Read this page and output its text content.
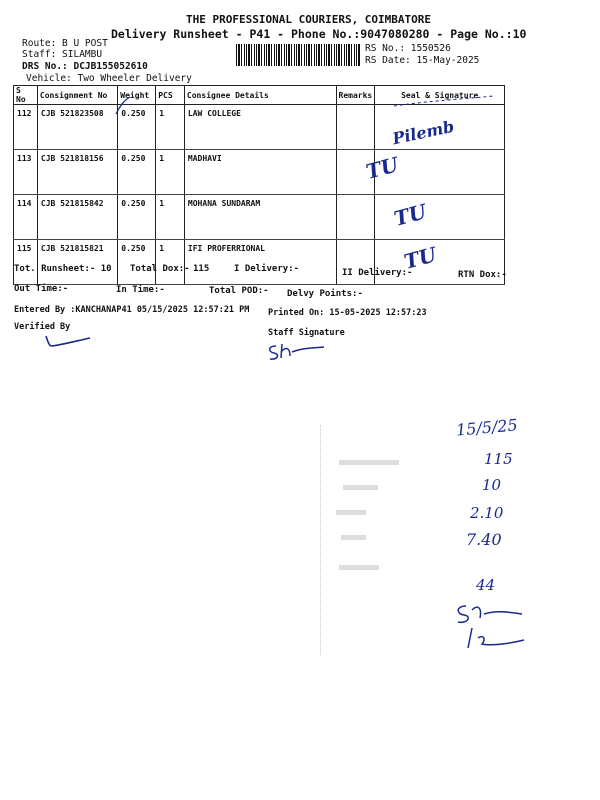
THE PROFESSIONAL COURIERS, COIMBATORE
Delivery Runsheet - P41 - Phone No.:9047080280 - Page No.:10
Route: B U POST
Staff: SILAMBU
DRS No.: DCJB155052610
Vehicle: Two Wheeler Delivery
RS No.: 1550526
RS Date: 15-May-2025
S No	Consignment No	Weight	PCS	Consignee Details	Remarks	Seal & Signature
112	CJB 521823508	0.250	1	LAW COLLEGE		Pilemb
113	CJB 521818156	0.250	1	MADHAVI		TU
114	CJB 521815842	0.250	1	MOHANA SUNDARAM		TU
115	CJB 521815821	0.250	1	IFI PROFERRIONAL		TU
Tot. Runsheet:- 10 Total Dox:- 115	I Delivery:-	II Delivery:-	RTN Dox:-
Out Time:-	In Time:-	Total POD:- Delvy Points:-
Entered By :KANCHANAP41 05/15/2025 12:57:21 PM Printed On: 15-05-2025 12:57:23
Verified By
Staff Signature
15/5/25
115
10
2.10
7.40
44
